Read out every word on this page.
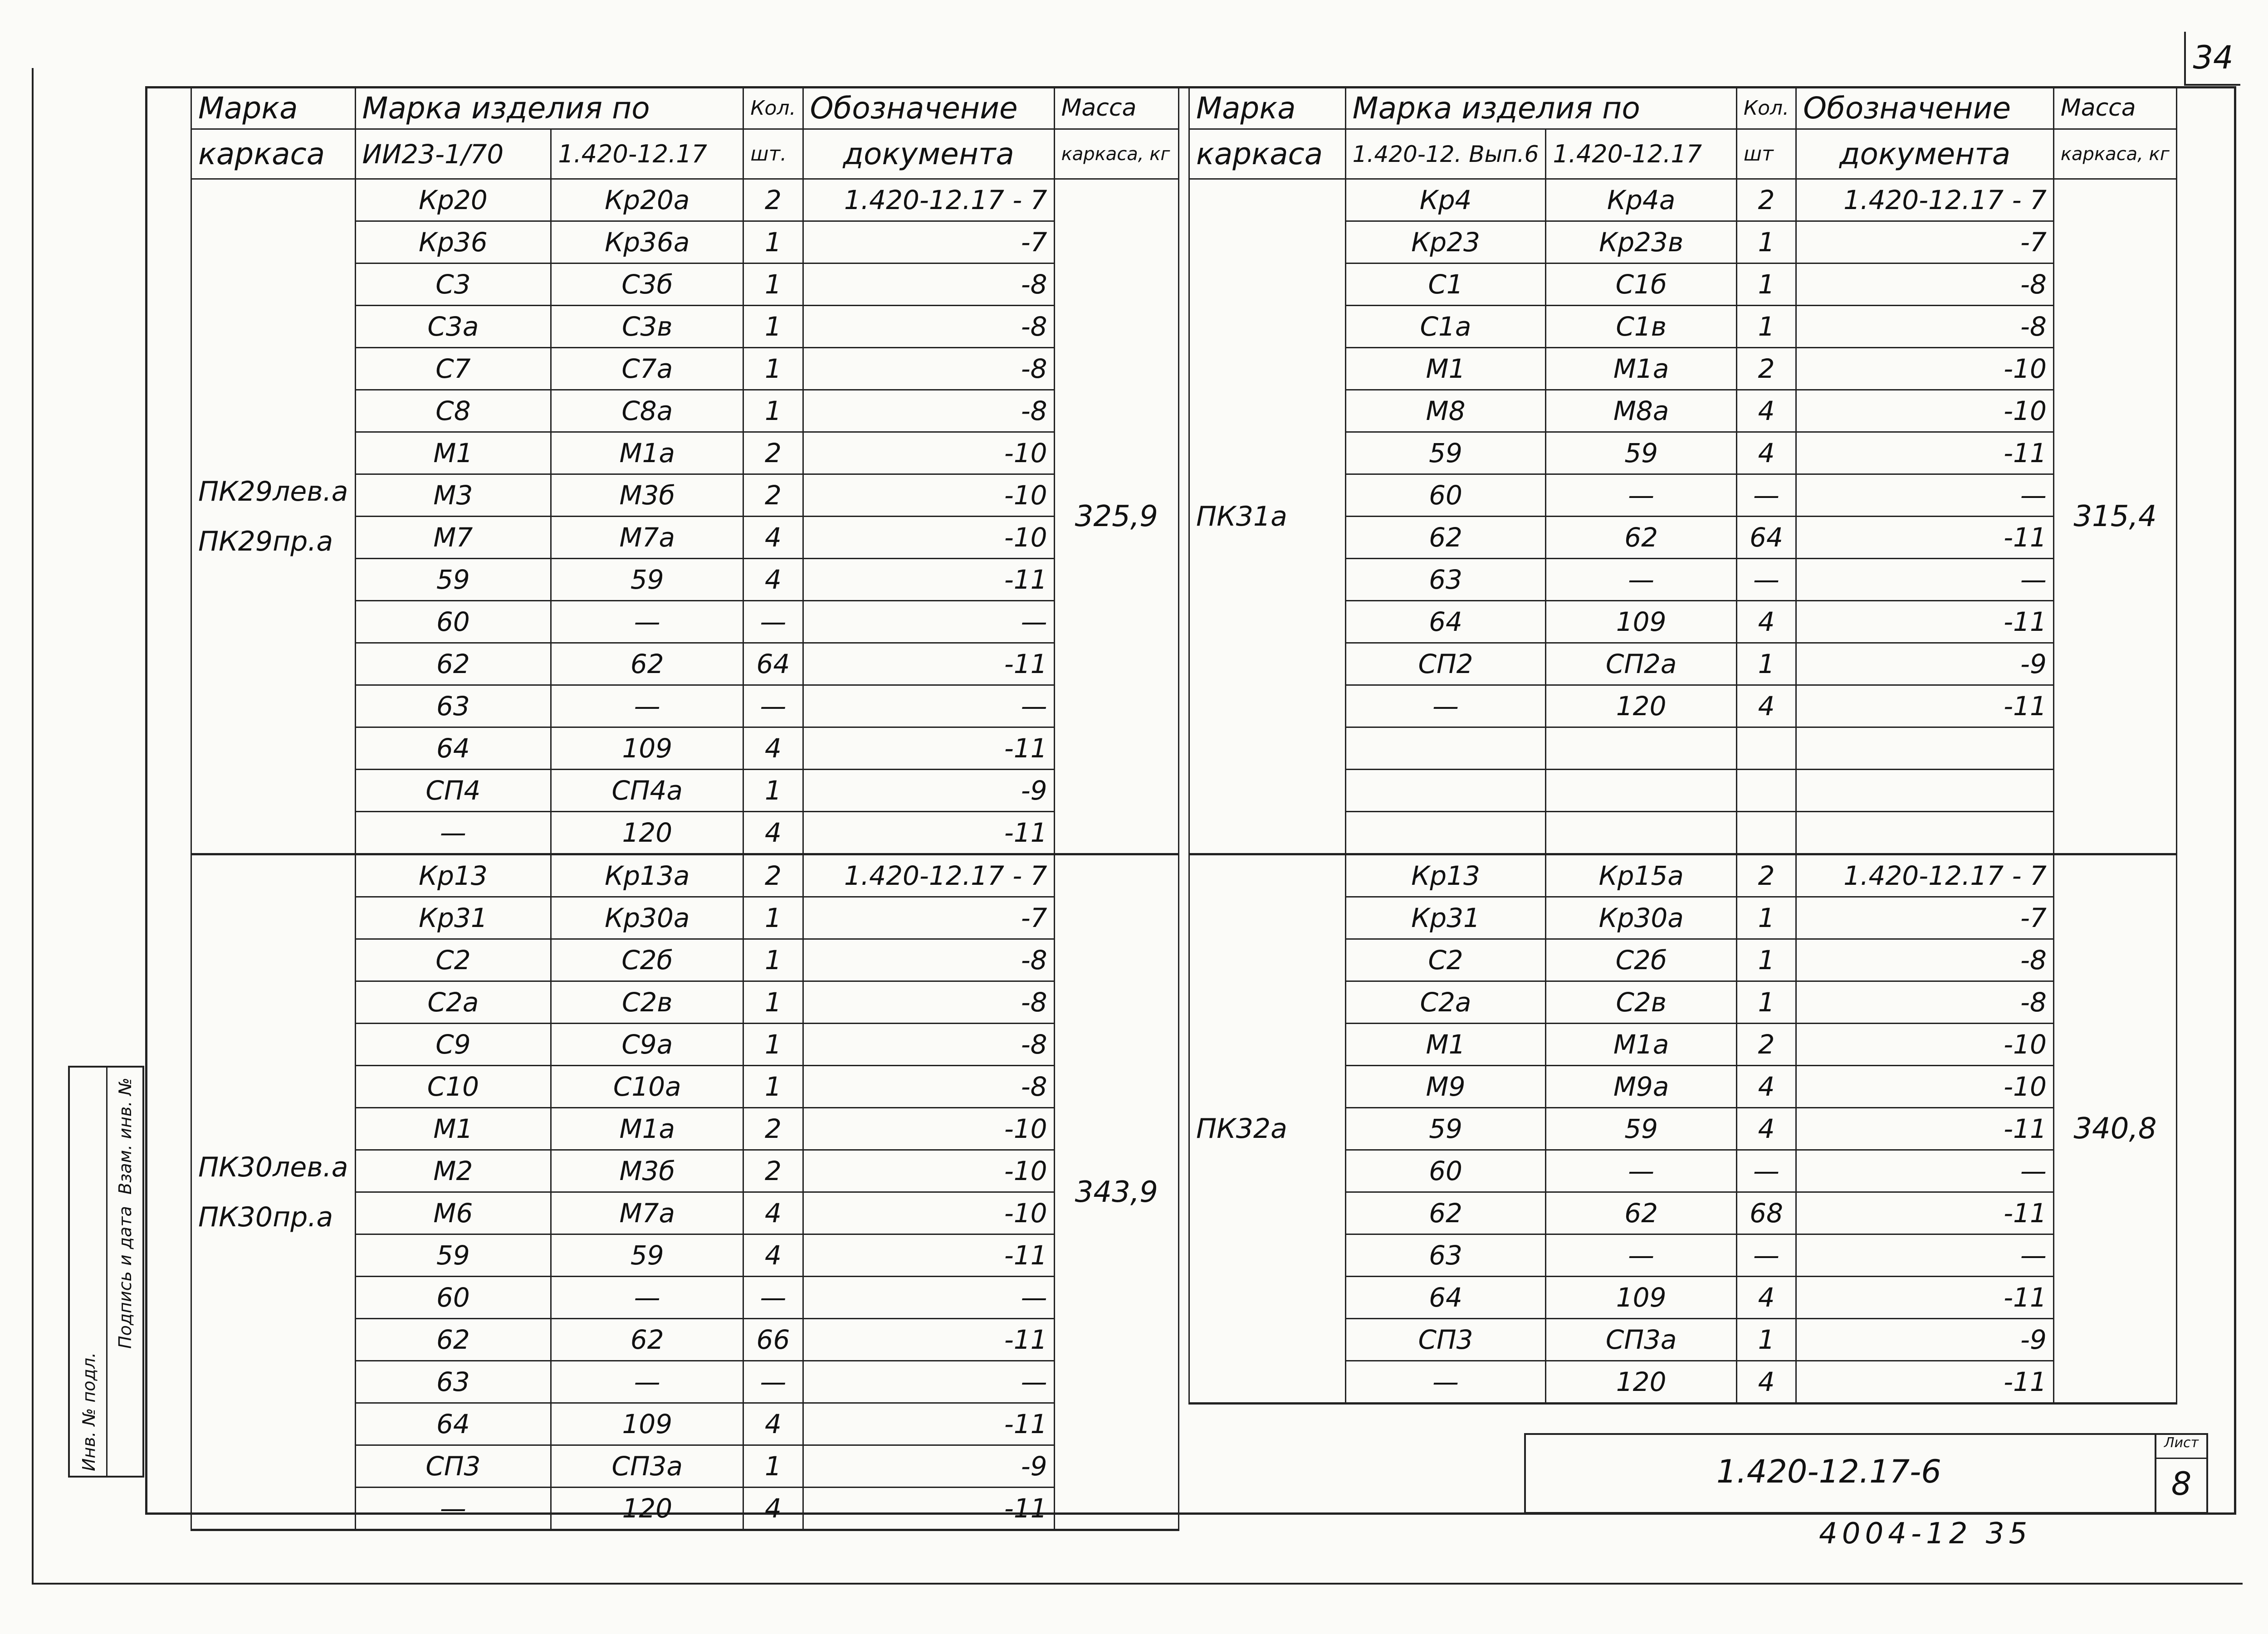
34
Марка	Марка изделия по		Кол.	Обозначение	Масса
каркаса	ИИ23-1/70	1.420-12.17	шт.	документа	каркаса, кг

ПК29лев.а
ПК29пр.а	Кр20	Кр20а	2	1.420-12.17 - 7	325,9
	Кр36	Кр36а	1	-7	
	С3	С3б	1	-8	
	С3а	С3в	1	-8	
	С7	С7а	1	-8	
	С8	С8а	1	-8	
	М1	М1а	2	-10	
	М3	М3б	2	-10	
	М7	М7а	4	-10	
	59	59	4	-11	
	60	—	—	—	
	62	62	64	-11	
	63	—	—	—	
	64	109	4	-11	
	СП4	СП4а	1	-9	
	—	120	4	-11	

ПК30лев.а
ПК30пр.а	Кр13	Кр13а	2	1.420-12.17 - 7	343,9
	Кр31	Кр30а	1	-7	
	С2	С2б	1	-8	
	С2а	С2в	1	-8	
	С9	С9а	1	-8	
	С10	С10а	1	-8	
	М1	М1а	2	-10	
	М2	М3б	2	-10	
	М6	М7а	4	-10	
	59	59	4	-11	
	60	—	—	—	
	62	62	66	-11	
	63	—	—	—	
	64	109	4	-11	
	СП3	СП3а	1	-9	
	—	120	4	-11	
Марка	Марка изделия по		Кол.	Обозначение	Масса
каркаса	1.420-12. Вып.6	1.420-12.17	шт	документа	каркаса, кг

ПК31а	Кр4	Кр4а	2	1.420-12.17 - 7	315,4
	Кр23	Кр23в	1	-7	
	С1	С1б	1	-8	
	С1а	С1в	1	-8	
	М1	М1а	2	-10	
	М8	М8а	4	-10	
	59	59	4	-11	
	60	—	—	—	
	62	62	64	-11	
	63	—	—	—	
	64	109	4	-11	
	СП2	СП2а	1	-9	
	—	120	4	-11	

ПК32а	Кр13	Кр15а	2	1.420-12.17 - 7	340,8
	Кр31	Кр30а	1	-7	
	С2	С2б	1	-8	
	С2а	С2в	1	-8	
	М1	М1а	2	-10	
	М9	М9а	4	-10	
	59	59	4	-11	
	60	—	—	—	
	62	62	68	-11	
	63	—	—	—	
	64	109	4	-11	
	СП3	СП3а	1	-9	
	—	120	4	-11	
Инв. № подл.
Подпись и дата
Взам. инв. №
1.420-12.17-6
Лист
8
4004-12 35
